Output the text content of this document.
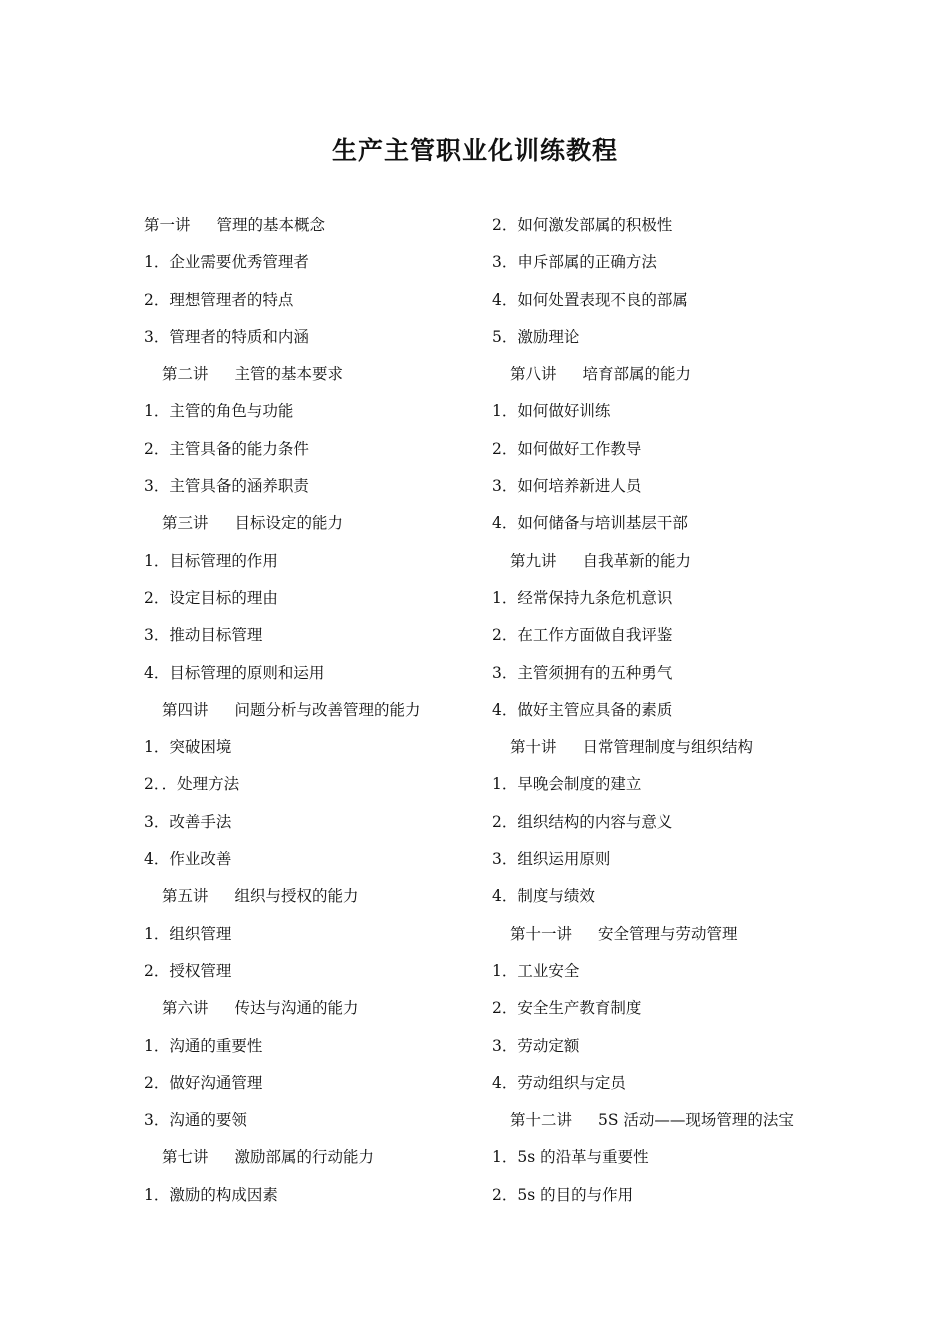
生产主管职业化训练教程
第一讲 管理的基本概念
1．企业需要优秀管理者
2．理想管理者的特点
3．管理者的特质和内涵
第二讲 主管的基本要求
1．主管的角色与功能
2．主管具备的能力条件
3．主管具备的涵养职责
第三讲 目标设定的能力
1．目标管理的作用
2．设定目标的理由
3．推动目标管理
4．目标管理的原则和运用
第四讲 问题分析与改善管理的能力
1．突破困境
2．．处理方法
3．改善手法
4．作业改善
第五讲 组织与授权的能力
1．组织管理
2．授权管理
第六讲 传达与沟通的能力
1．沟通的重要性
2．做好沟通管理
3．沟通的要领
第七讲 激励部属的行动能力
1．激励的构成因素
2．如何激发部属的积极性
3．申斥部属的正确方法
4．如何处置表现不良的部属
5．激励理论
第八讲 培育部属的能力
1．如何做好训练
2．如何做好工作教导
3．如何培养新进人员
4．如何储备与培训基层干部
第九讲 自我革新的能力
1．经常保持九条危机意识
2．在工作方面做自我评鉴
3．主管须拥有的五种勇气
4．做好主管应具备的素质
第十讲 日常管理制度与组织结构
1．早晚会制度的建立
2．组织结构的内容与意义
3．组织运用原则
4．制度与绩效
第十一讲 安全管理与劳动管理
1．工业安全
2．安全生产教育制度
3．劳动定额
4．劳动组织与定员
第十二讲 5S 活动——现场管理的法宝
1．5s 的沿革与重要性
2．5s 的目的与作用
